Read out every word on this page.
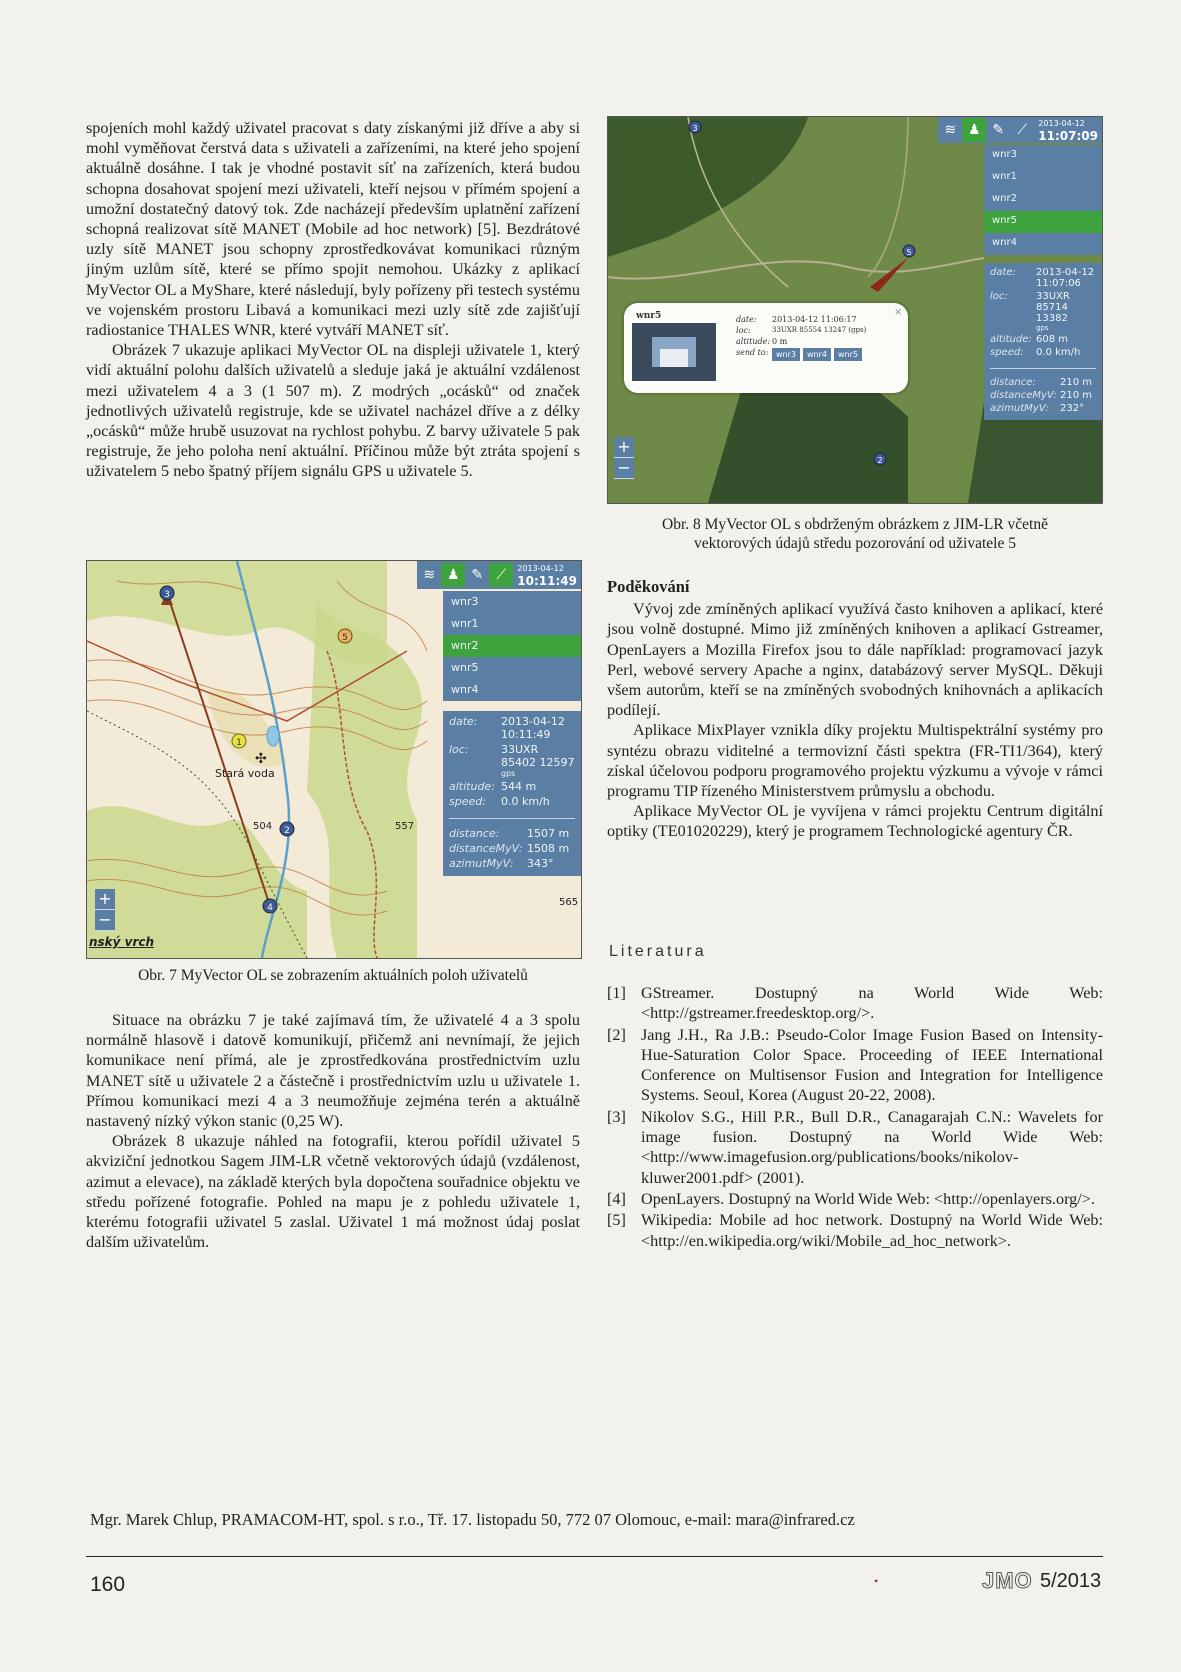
spojeních mohl každý uživatel pracovat s daty získanými již dříve a aby si mohl vyměňovat čerstvá data s uživateli a zařízeními, na které jeho spojení aktuálně dosáhne. I tak je vhodné postavit síť na zařízeních, která budou schopna dosahovat spojení mezi uživateli, kteří nejsou v přímém spojení a umožní dostatečný datový tok. Zde nacházejí především uplatnění zařízení schopná realizovat sítě MANET (Mobile ad hoc network) [5]. Bezdrátové uzly sítě MANET jsou schopny zprostředkovávat komunikaci různým jiným uzlům sítě, které se přímo spojit nemohou. Ukázky z aplikací MyVector OL a MyShare, které následují, byly pořízeny při testech systému ve vojenském prostoru Libavá a komunikaci mezi uzly sítě zde zajišťují radiostanice THALES WNR, které vytváří MANET síť.

Obrázek 7 ukazuje aplikaci MyVector OL na displeji uživatele 1, který vidí aktuální polohu dalších uživatelů a sleduje jaká je aktuální vzdálenost mezi uživatelem 4 a 3 (1 507 m). Z modrých „ocásků“ od značek jednotlivých uživatelů registruje, kde se uživatel nacházel dříve a z délky „ocásků“ může hrubě usuzovat na rychlost pohybu. Z barvy uživatele 5 pak registruje, že jeho poloha není aktuální. Příčinou může být ztráta spojení s uživatelem 5 nebo špatný příjem signálu GPS u uživatele 5.

3
5
1
2
4
✣
Stará voda
504	557
565
nský vrch
≋ ♟ ✎ ⟋	2013-04-12
10:11:49
wnr3
wnr1
wnr2
wnr5
wnr4
date:	2013-04-12 10:11:49
loc:	33UXR 85402 12597
gps
altitude: 544 m
speed:	0.0 km/h
distance:	1507 m
distanceMyV: 1508 m
azimutMyV:	343°
+
−
Obr. 7 MyVector OL se zobrazením aktuálních poloh uživatelů

Situace na obrázku 7 je také zajímavá tím, že uživatelé 4 a 3 spolu normálně hlasově i datově komunikují, přičemž ani nevnímají, že jejich komunikace není přímá, ale je zprostředkována prostřednictvím uzlu MANET sítě u uživatele 2 a částečně i prostřednictvím uzlu u uživatele 1. Přímou komunikaci mezi 4 a 3 neumožňuje zejména terén a aktuálně nastavený nízký výkon stanic (0,25 W).

Obrázek 8 ukazuje náhled na fotografii, kterou pořídil uživatel 5 akviziční jednotkou Sagem JIM-LR včetně vektorových údajů (vzdálenost, azimut a elevace), na základě kterých byla dopočtena souřadnice objektu ve středu pořízené fotografie. Pohled na mapu je z pohledu uživatele 1, kterému fotografii uživatel 5 zaslal. Uživatel 1 má možnost údaj poslat dalším uživatelům.

3
5
2
wnr5	×
date:	2013-04-12 11:06:17
loc:	33UXR 85554 13247 (gps)
altitude: 0 m
send to: wnr3 wnr4 wnr5
≋ ♟ ✎ ⟋	2013-04-12
11:07:09
wnr3
wnr1
wnr2
wnr5
wnr4
date:	2013-04-12 11:07:06
loc:	33UXR 85714 13382
gps
altitude: 608 m
speed:	0.0 km/h
distance:	210 m
distanceMyV: 210 m
azimutMyV:	232°
+
−
Obr. 8 MyVector OL s obdrženým obrázkem z JIM-LR včetně
vektorových údajů středu pozorování od uživatele 5
Poděkování

Vývoj zde zmíněných aplikací využívá často knihoven a aplikací, které jsou volně dostupné. Mimo již zmíněných knihoven a aplikací Gstreamer, OpenLayers a Mozilla Firefox jsou to dále například: programovací jazyk Perl, webové servery Apache a nginx, databázový server MySQL. Děkuji všem autorům, kteří se na zmíněných svobodných knihovnách a aplikacích podílejí.

Aplikace MixPlayer vznikla díky projektu Multispektrální systémy pro syntézu obrazu viditelné a termovizní části spektra (FR-TI1/364), který získal účelovou podporu programového projektu výzkumu a vývoje v rámci programu TIP řízeného Ministerstvem průmyslu a obchodu.

Aplikace MyVector OL je vyvíjena v rámci projektu Centrum digitální optiky (TE01020229), který je programem Technologické agentury ČR.

Literatura
[1] GStreamer. Dostupný na World Wide Web: <http://gstreamer.freedesktop.org/>.
[2] Jang J.H., Ra J.B.: Pseudo-Color Image Fusion Based on Intensity-Hue-Saturation Color Space. Proceeding of IEEE International Conference on Multisensor Fusion and Integration for Intelligence Systems. Seoul, Korea (August 20-22, 2008).
[3] Nikolov S.G., Hill P.R., Bull D.R., Canagarajah C.N.: Wavelets for image fusion. Dostupný na World Wide Web: <http://www.imagefusion.org/publications/books/nikolov-kluwer2001.pdf> (2001).
[4] OpenLayers. Dostupný na World Wide Web: <http://openlayers.org/>.
[5] Wikipedia: Mobile ad hoc network. Dostupný na World Wide Web: <http://en.wikipedia.org/wiki/Mobile_ad_hoc_network>.
Mgr. Marek Chlup, PRAMACOM-HT, spol. s r.o., Tř. 17. listopadu 50, 772 07 Olomouc, e-mail: mara@infrared.cz
160	•	JMO 5/2013
